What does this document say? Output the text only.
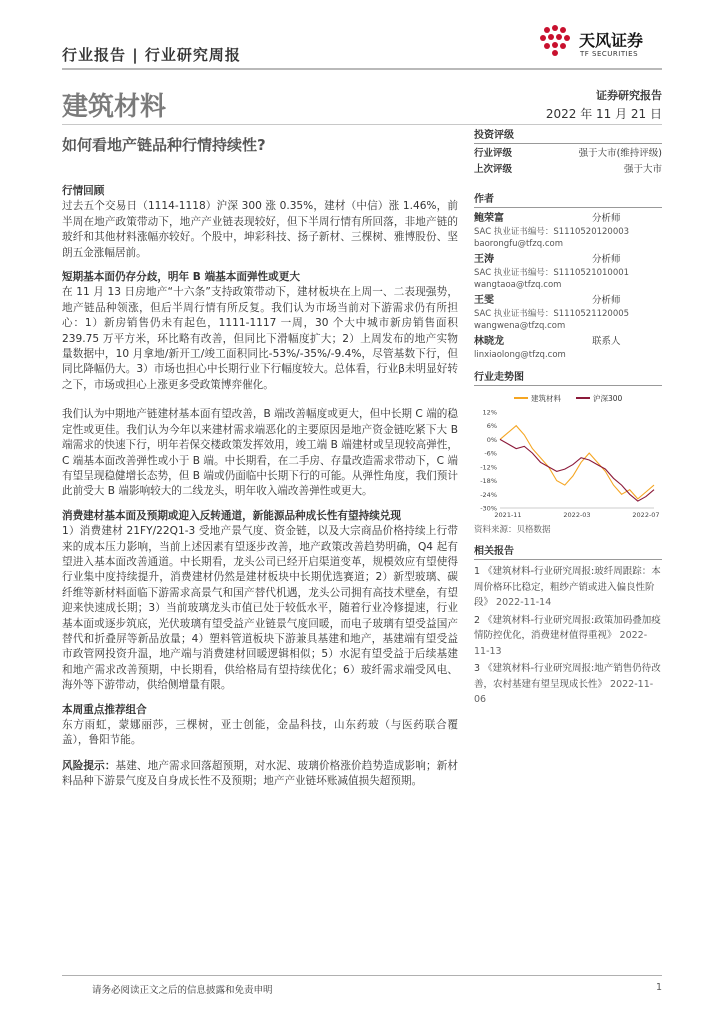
行业报告 | 行业研究周报
天风证券
TF SECURITIES
建筑材料	证券研究报告
2022 年 11 月 21 日
如何看地产链品种行情持续性?
行情回顾

过去五个交易日（1114-1118）沪深 300 涨 0.35%，建材（中信）涨 1.46%，前半周在地产政策带动下，地产产业链表现较好，但下半周行情有所回落，非地产链的玻纤和其他材料涨幅亦较好。个股中，坤彩科技、扬子新材、三棵树、雅博股份、坚朗五金涨幅居前。

短期基本面仍存分歧，明年 B 端基本面弹性或更大

在 11 月 13 日房地产“十六条”支持政策带动下，建材板块在上周一、二表现强势，地产链品种领涨，但后半周行情有所反复。我们认为市场当前对下游需求仍有所担心：1）新房销售仍未有起色，1111-1117 一周，30 个大中城市新房销售面积 239.75 万平方米，环比略有改善，但同比下滑幅度扩大；2）上周发布的地产实物量数据中，10 月拿地/新开工/竣工面积同比-53%/-35%/-9.4%，尽管基数下行，但同比降幅仍大。3）市场也担心中长期行业下行幅度较大。总体看，行业β未明显好转之下，市场或担心上涨更多受政策博弈催化。

我们认为中期地产链建材基本面有望改善，B 端改善幅度或更大，但中长期 C 端的稳定性或更佳。我们认为今年以来建材需求端恶化的主要原因是地产资金链吃紧下大 B 端需求的快速下行，明年若保交楼政策发挥效用，竣工端 B 端建材或呈现较高弹性，C 端基本面改善弹性或小于 B 端。中长期看，在二手房、存量改造需求带动下，C 端有望呈现稳健增长态势，但 B 端或仍面临中长期下行的可能。从弹性角度，我们预计此前受大 B 端影响较大的二线龙头，明年收入端改善弹性或更大。

消费建材基本面及预期或迎入反转通道，新能源品种成长性有望持续兑现

1）消费建材 21FY/22Q1-3 受地产景气度、资金链，以及大宗商品价格持续上行带来的成本压力影响，当前上述因素有望逐步改善，地产政策改善趋势明确，Q4 起有望进入基本面改善通道。中长期看，龙头公司已经开启渠道变革，规模效应有望使得行业集中度持续提升，消费建材仍然是建材板块中长期优选赛道；2）新型玻璃、碳纤维等新材料面临下游需求高景气和国产替代机遇，龙头公司拥有高技术壁垒，有望迎来快速成长期；3）当前玻璃龙头市值已处于较低水平，随着行业冷修提速，行业基本面或逐步筑底，光伏玻璃有望受益产业链景气度回暖，而电子玻璃有望受益国产替代和折叠屏等新品放量；4）塑料管道板块下游兼具基建和地产，基建端有望受益市政管网投资升温，地产端与消费建材回暖逻辑相似；5）水泥有望受益于后续基建和地产需求改善预期，中长期看，供给格局有望持续优化；6）玻纤需求端受风电、海外等下游带动，供给侧增量有限。

本周重点推荐组合

东方雨虹，蒙娜丽莎，三棵树，亚士创能，金晶科技，山东药玻（与医药联合覆盖），鲁阳节能。

风险提示：基建、地产需求回落超预期，对水泥、玻璃价格涨价趋势造成影响；新材料品种下游景气度及自身成长性不及预期；地产产业链坏账减值损失超预期。

投资评级
行业评级	强于大市(维持评级)
上次评级	强于大市
作者
鲍荣富	分析师
SAC 执业证书编号：S1110520120003
baorongfu@tfzq.com
王涛	分析师
SAC 执业证书编号：S1110521010001
wangtaoa@tfzq.com
王雯	分析师
SAC 执业证书编号：S1110521120005
wangwena@tfzq.com
林晓龙	联系人
linxiaolong@tfzq.com
行业走势图
建筑材料	沪深300
12%
6%
0%
-6%
-12%
-18%
-24%
-30%
2021-11	2022-03	2022-07
资料来源：贝格数据
相关报告
1 《建筑材料-行业研究周报:玻纤周跟踪：本周价格环比稳定，粗纱产销或进入偏良性阶段》 2022-11-14
2 《建筑材料-行业研究周报:政策加码叠加疫情防控优化，消费建材值得重视》 2022-11-13
3 《建筑材料-行业研究周报:地产销售仍待改善，农村基建有望呈现成长性》 2022-11-06
请务必阅读正文之后的信息披露和免责申明	1
